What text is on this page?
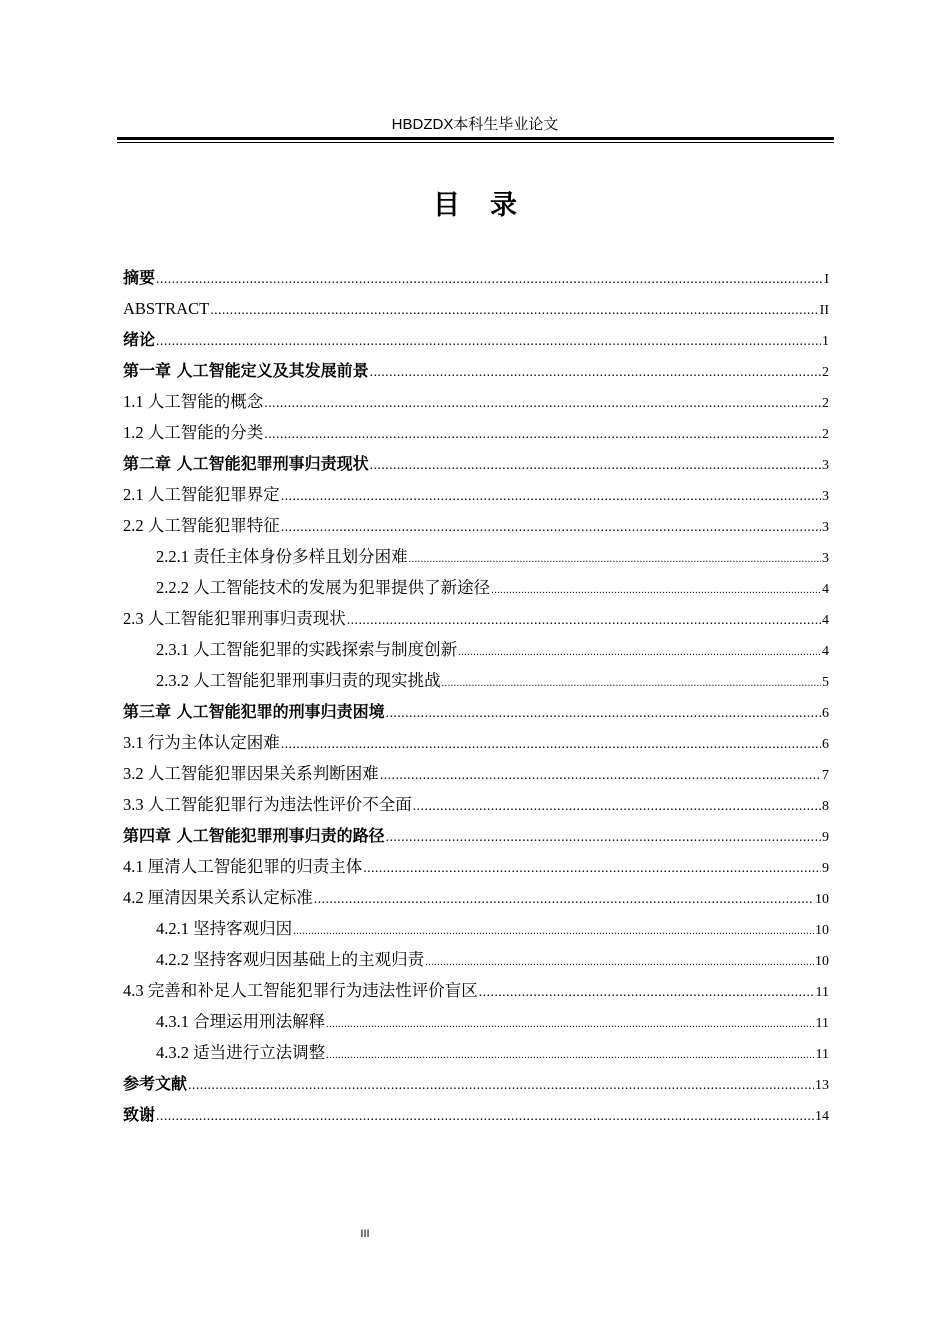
HBDZDX本科生毕业论文
目录
摘要 .....	I
ABSTRACT .....	II
绪论 .....	1
第一章 人工智能定义及其发展前景 .....	2
1.1 人工智能的概念 .....	2
1.2 人工智能的分类 .....	2
第二章 人工智能犯罪刑事归责现状 .....	3
2.1 人工智能犯罪界定 .....	3
2.2 人工智能犯罪特征 .....	3
2.2.1 责任主体身份多样且划分困难 .....	3
2.2.2 人工智能技术的发展为犯罪提供了新途径 .....	4
2.3 人工智能犯罪刑事归责现状 .....	4
2.3.1 人工智能犯罪的实践探索与制度创新 .....	4
2.3.2 人工智能犯罪刑事归责的现实挑战 .....	5
第三章 人工智能犯罪的刑事归责困境 .....	6
3.1 行为主体认定困难 .....	6
3.2 人工智能犯罪因果关系判断困难 .....	7
3.3 人工智能犯罪行为违法性评价不全面 .....	8
第四章 人工智能犯罪刑事归责的路径 .....	9
4.1 厘清人工智能犯罪的归责主体 .....	9
4.2 厘清因果关系认定标准 .....	10
4.2.1 坚持客观归因 .....	10
4.2.2 坚持客观归因基础上的主观归责 .....	10
4.3 完善和补足人工智能犯罪行为违法性评价盲区 .....	11
4.3.1 合理运用刑法解释 .....	11
4.3.2 适当进行立法调整 .....	11
参考文献 .....	13
致谢 .....	14
III
